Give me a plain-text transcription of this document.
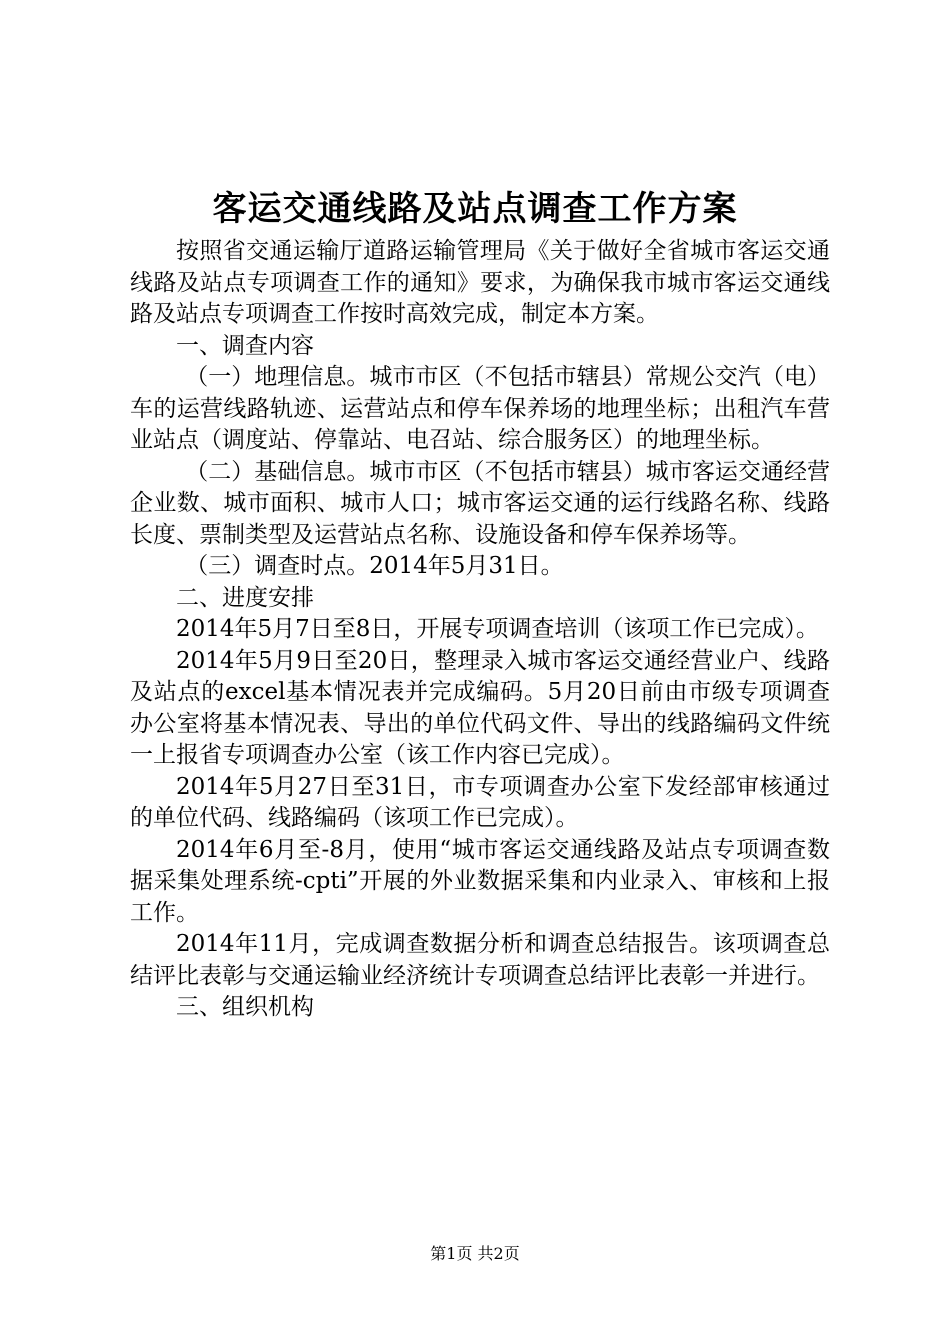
客运交通线路及站点调查工作方案

按照省交通运输厅道路运输管理局《关于做好全省城市客运交通线路及站点专项调查工作的通知》要求，为确保我市城市客运交通线路及站点专项调查工作按时高效完成，制定本方案。

一、调查内容

（一）地理信息。城市市区（不包括市辖县）常规公交汽（电）车的运营线路轨迹、运营站点和停车保养场的地理坐标；出租汽车营业站点（调度站、停靠站、电召站、综合服务区）的地理坐标。

（二）基础信息。城市市区（不包括市辖县）城市客运交通经营企业数、城市面积、城市人口；城市客运交通的运行线路名称、线路长度、票制类型及运营站点名称、设施设备和停车保养场等。

（三）调查时点。2014年5月31日。

二、进度安排

2014年5月7日至8日，开展专项调查培训（该项工作已完成）。

2014年5月9日至20日，整理录入城市客运交通经营业户、线路及站点的excel基本情况表并完成编码。5月20日前由市级专项调查办公室将基本情况表、导出的单位代码文件、导出的线路编码文件统一上报省专项调查办公室（该工作内容已完成）。

2014年5月27日至31日，市专项调查办公室下发经部审核通过的单位代码、线路编码（该项工作已完成）。

2014年6月至-8月，使用“城市客运交通线路及站点专项调查数据采集处理系统-cpti”开展的外业数据采集和内业录入、审核和上报工作。

2014年11月，完成调查数据分析和调查总结报告。该项调查总结评比表彰与交通运输业经济统计专项调查总结评比表彰一并进行。

三、组织机构

第1页 共2页
